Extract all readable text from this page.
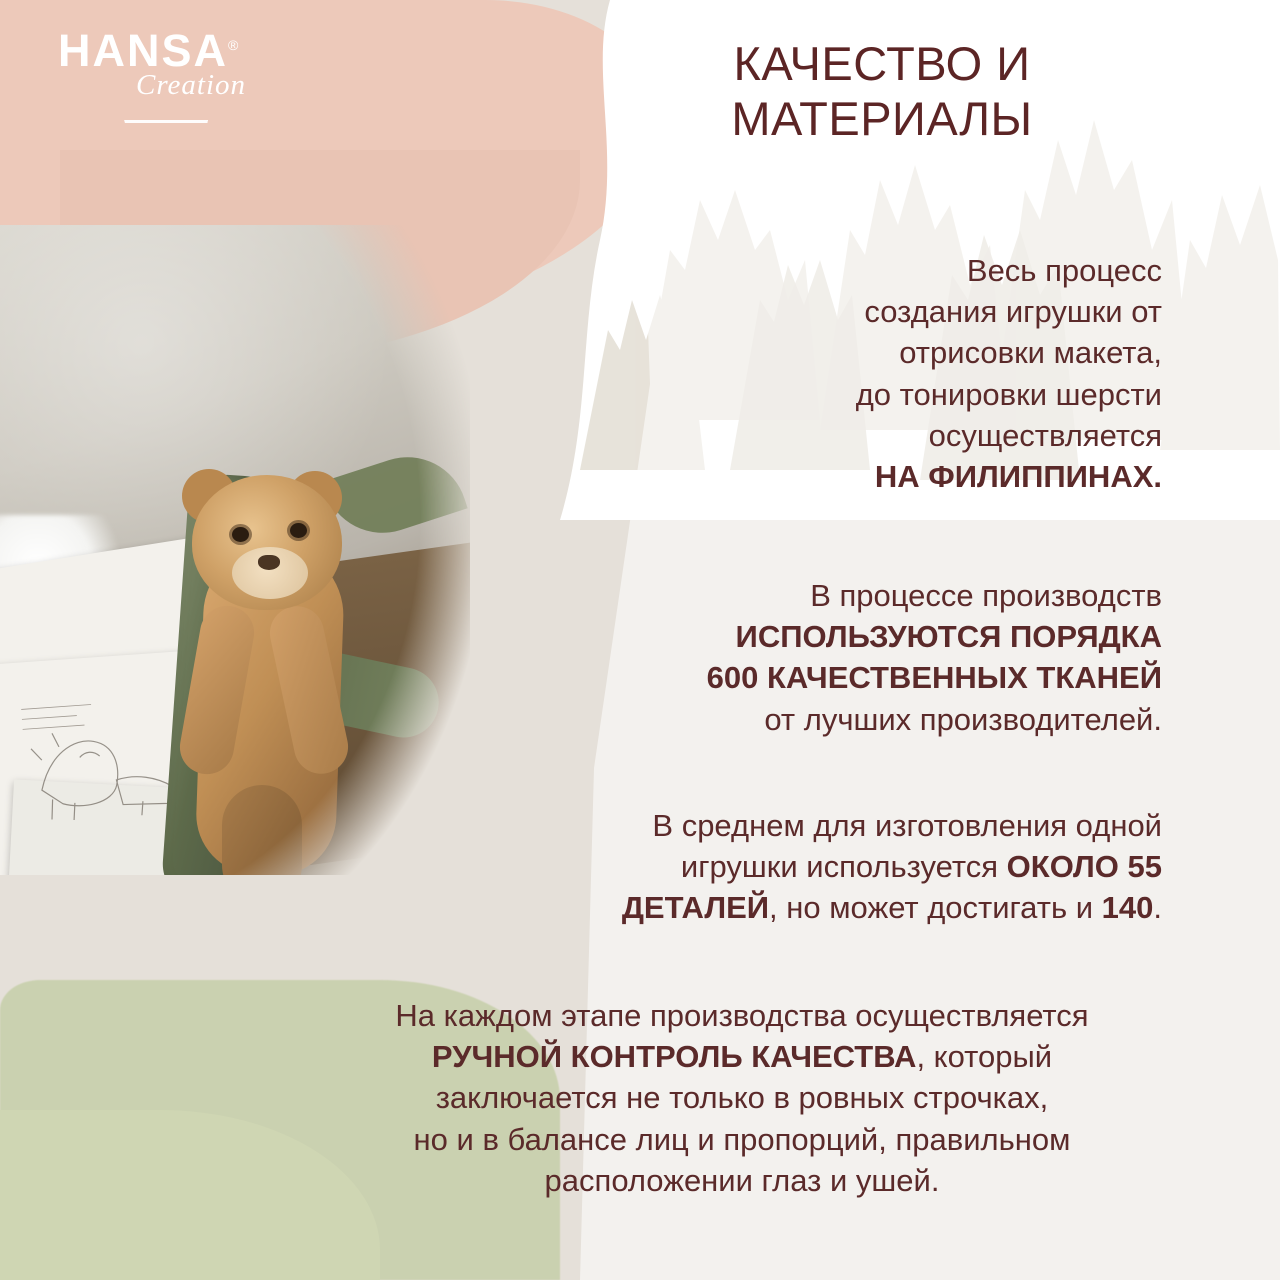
HANSA®
Creation	КАЧЕСТВО И
МАТЕРИАЛЫ
Весь процесс
создания игрушки от
отрисовки макета,
до тонировки шерсти
осуществляется
НА ФИЛИППИНАХ.
В процессе производств
ИСПОЛЬЗУЮТСЯ ПОРЯДКА
600 КАЧЕСТВЕННЫХ ТКАНЕЙ
от лучших производителей.
В среднем для изготовления одной
игрушки используется ОКОЛО 55
ДЕТАЛЕЙ, но может достигать и 140.
На каждом этапе производства осуществляется
РУЧНОЙ КОНТРОЛЬ КАЧЕСТВА, который
заключается не только в ровных строчках,
но и в балансе лиц и пропорций, правильном
расположении глаз и ушей.
